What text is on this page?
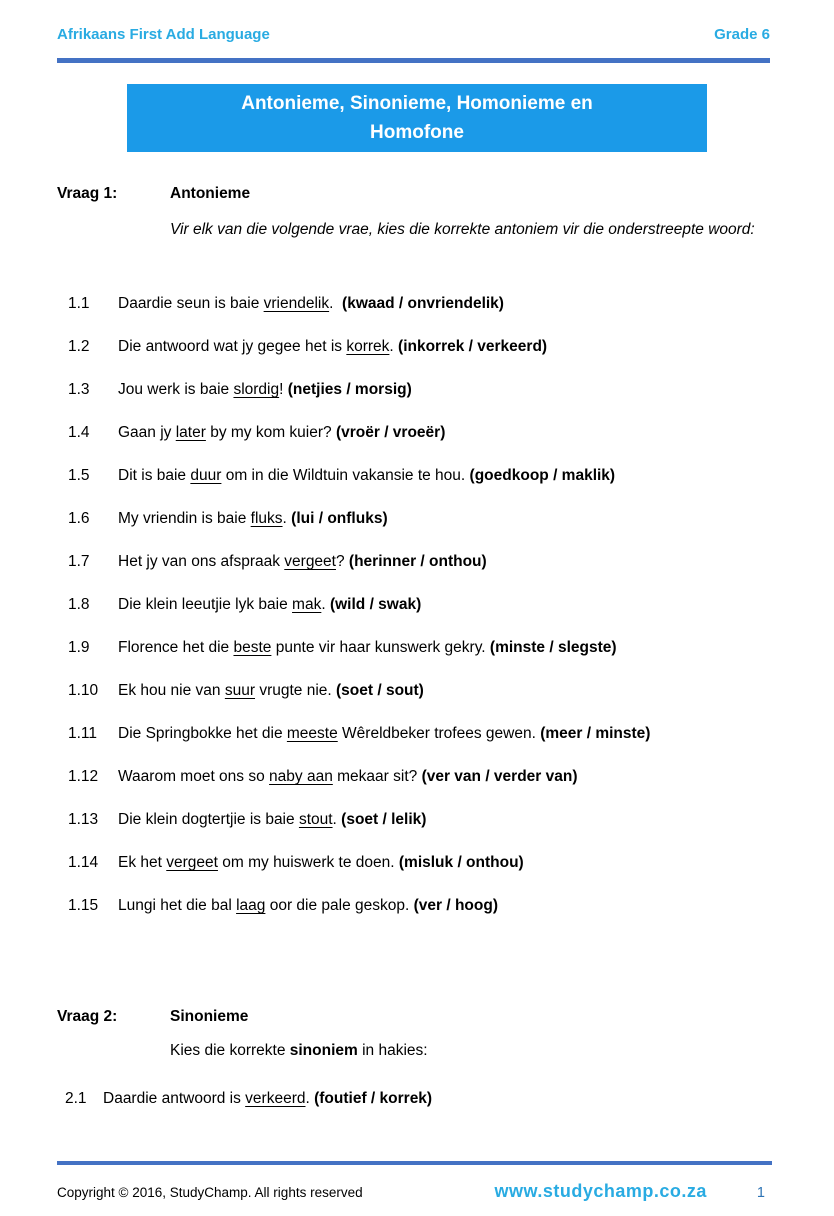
Afrikaans First Add Language	Grade 6
Antonieme, Sinonieme, Homonieme en Homofone
Vraag 1:	Antonieme
Vir elk van die volgende vrae, kies die korrekte antoniem vir die onderstreepte woord:
1.1	Daardie seun is baie vriendelik.  (kwaad / onvriendelik)
1.2	Die antwoord wat jy gegee het is korrek. (inkorrek / verkeerd)
1.3	Jou werk is baie slordig! (netjies / morsig)
1.4	Gaan jy later by my kom kuier? (vroër / vroeër)
1.5	Dit is baie duur om in die Wildtuin vakansie te hou. (goedkoop / maklik)
1.6	My vriendin is baie fluks. (lui / onfluks)
1.7	Het jy van ons afspraak vergeet? (herinner / onthou)
1.8	Die klein leeutjie lyk baie mak. (wild / swak)
1.9	Florence het die beste punte vir haar kunswerk gekry. (minste / slegste)
1.10	Ek hou nie van suur vrugte nie. (soet / sout)
1.11	Die Springbokke het die meeste Wêreldbeker trofees gewen. (meer / minste)
1.12	Waarom moet ons so naby aan mekaar sit? (ver van / verder van)
1.13	Die klein dogtertjie is baie stout. (soet / lelik)
1.14	Ek het vergeet om my huiswerk te doen. (misluk / onthou)
1.15	Lungi het die bal laag oor die pale geskop. (ver / hoog)
Vraag 2:	Sinonieme
Kies die korrekte sinoniem in hakies:
2.1	Daardie antwoord is verkeerd. (foutief / korrek)
Copyright © 2016, StudyChamp. All rights reserved	www.studychamp.co.za	1
